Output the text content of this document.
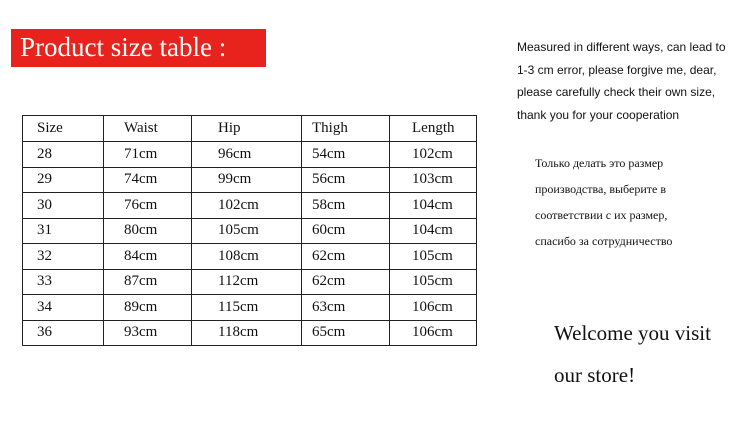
Product size table :
Size	Waist	Hip	Thigh	Length
28	71cm	96cm	54cm	102cm
29	74cm	99cm	56cm	103cm
30	76cm	102cm	58cm	104cm
31	80cm	105cm	60cm	104cm
32	84cm	108cm	62cm	105cm
33	87cm	112cm	62cm	105cm
34	89cm	115cm	63cm	106cm
36	93cm	118cm	65cm	106cm
Measured in different ways, can lead to
1-3 cm error, please forgive me, dear,
please carefully check their own size,
thank you for your cooperation
Только делать это размер
производства, выберите в
соответствии с их размер,
спасибо за сотрудничество
Welcome you visit
our store!
